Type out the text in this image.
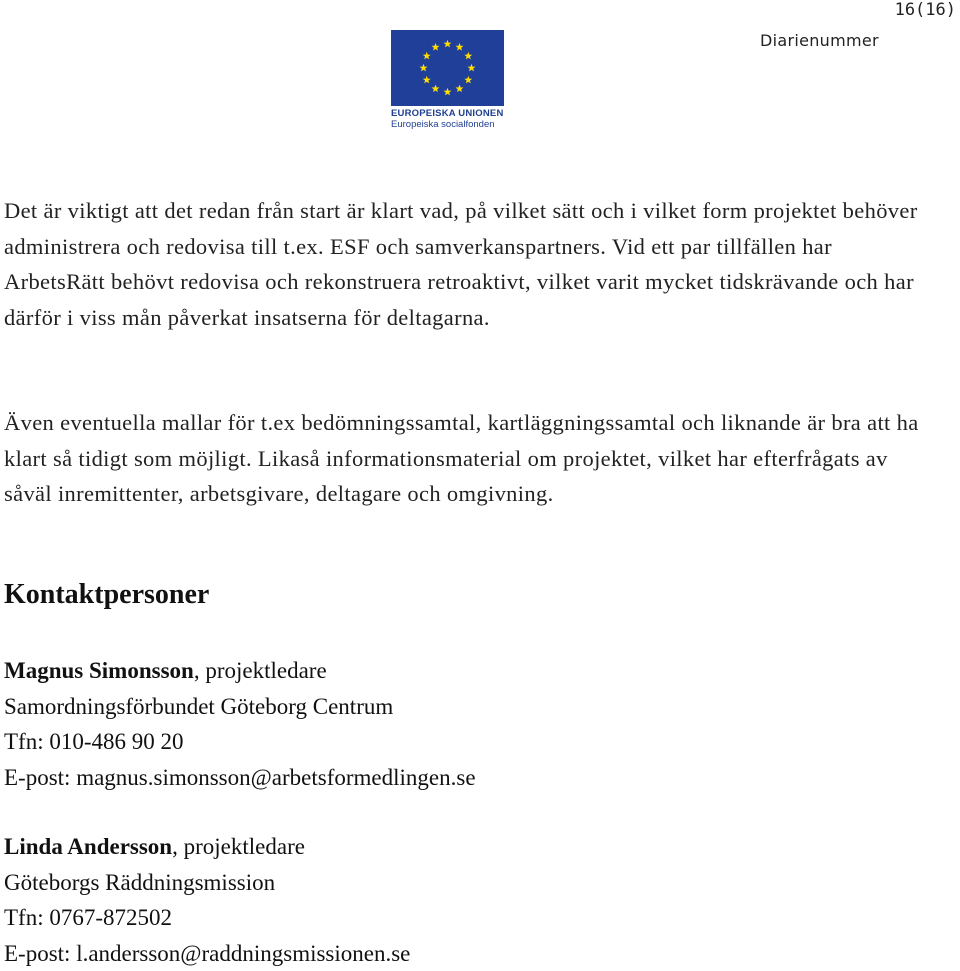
16(16)
Diarienummer
EUROPEISKA UNIONEN
Europeiska socialfonden

Det är viktigt att det redan från start är klart vad, på vilket sätt och i vilket form projektet behöver administrera och redovisa till t.ex. ESF och samverkanspartners. Vid ett par tillfällen har ArbetsRätt behövt redovisa och rekonstruera retroaktivt, vilket varit mycket tidskrävande och har därför i viss mån påverkat insatserna för deltagarna.

Även eventuella mallar för t.ex bedömningssamtal, kartläggningssamtal och liknande är bra att ha klart så tidigt som möjligt. Likaså informationsmaterial om projektet, vilket har efterfrågats av såväl inremittenter, arbetsgivare, deltagare och omgivning.

Kontaktpersoner
Magnus Simonsson, projektledare
Samordningsförbundet Göteborg Centrum
Tfn: 010-486 90 20
E-post: magnus.simonsson@arbetsformedlingen.se
Linda Andersson, projektledare
Göteborgs Räddningsmission
Tfn: 0767-872502
E-post: l.andersson@raddningsmissionen.se
